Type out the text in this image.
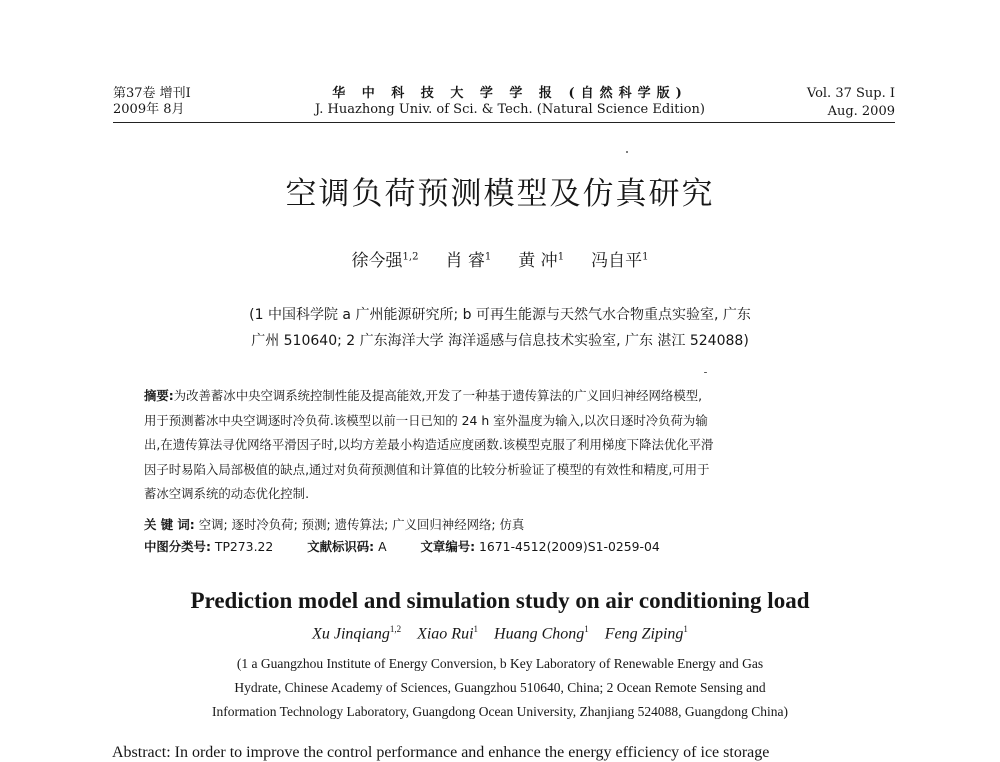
第37卷 增刊Ⅰ
2009年 8月
华 中 科 技 大 学 学 报 (自然科学版)
J. Huazhong Univ. of Sci. & Tech. (Natural Science Edition)
Vol. 37 Sup. Ⅰ
Aug. 2009
空调负荷预测模型及仿真研究
徐今强$^{1,2}$ 肖 睿$^1$ 黄 冲$^1$ 冯自平$^1$
(1 中国科学院 a 广州能源研究所; b 可再生能源与天然气水合物重点实验室, 广东
广州 510640; 2 广东海洋大学 海洋遥感与信息技术实验室, 广东 湛江 524088)
摘要:为改善蓄冰中央空调系统控制性能及提高能效,开发了一种基于遗传算法的广义回归神经网络模型,
用于预测蓄冰中央空调逐时冷负荷.该模型以前一日已知的 24 h 室外温度为输入,以次日逐时冷负荷为输
出,在遗传算法寻优网络平滑因子时,以均方差最小构造适应度函数.该模型克服了利用梯度下降法优化平滑
因子时易陷入局部极值的缺点,通过对负荷预测值和计算值的比较分析验证了模型的有效性和精度,可用于
蓄冰空调系统的动态优化控制.
关 键 词: 空调; 逐时冷负荷; 预测; 遗传算法; 广义回归神经网络; 仿真
中图分类号: TP273.22	文献标识码: A	文章编号: 1671-4512(2009)S1-0259-04
Prediction model and simulation study on air conditioning load
Xu Jinqiang$^{1,2}$ Xiao Rui$^1$ Huang Chong$^1$ Feng Ziping$^1$
(1 a Guangzhou Institute of Energy Conversion, b Key Laboratory of Renewable Energy and Gas
Hydrate, Chinese Academy of Sciences, Guangzhou 510640, China; 2 Ocean Remote Sensing and
Information Technology Laboratory, Guangdong Ocean University, Zhanjiang 524088, Guangdong China)
Abstract: In order to improve the control performance and enhance the energy efficiency of ice storage
